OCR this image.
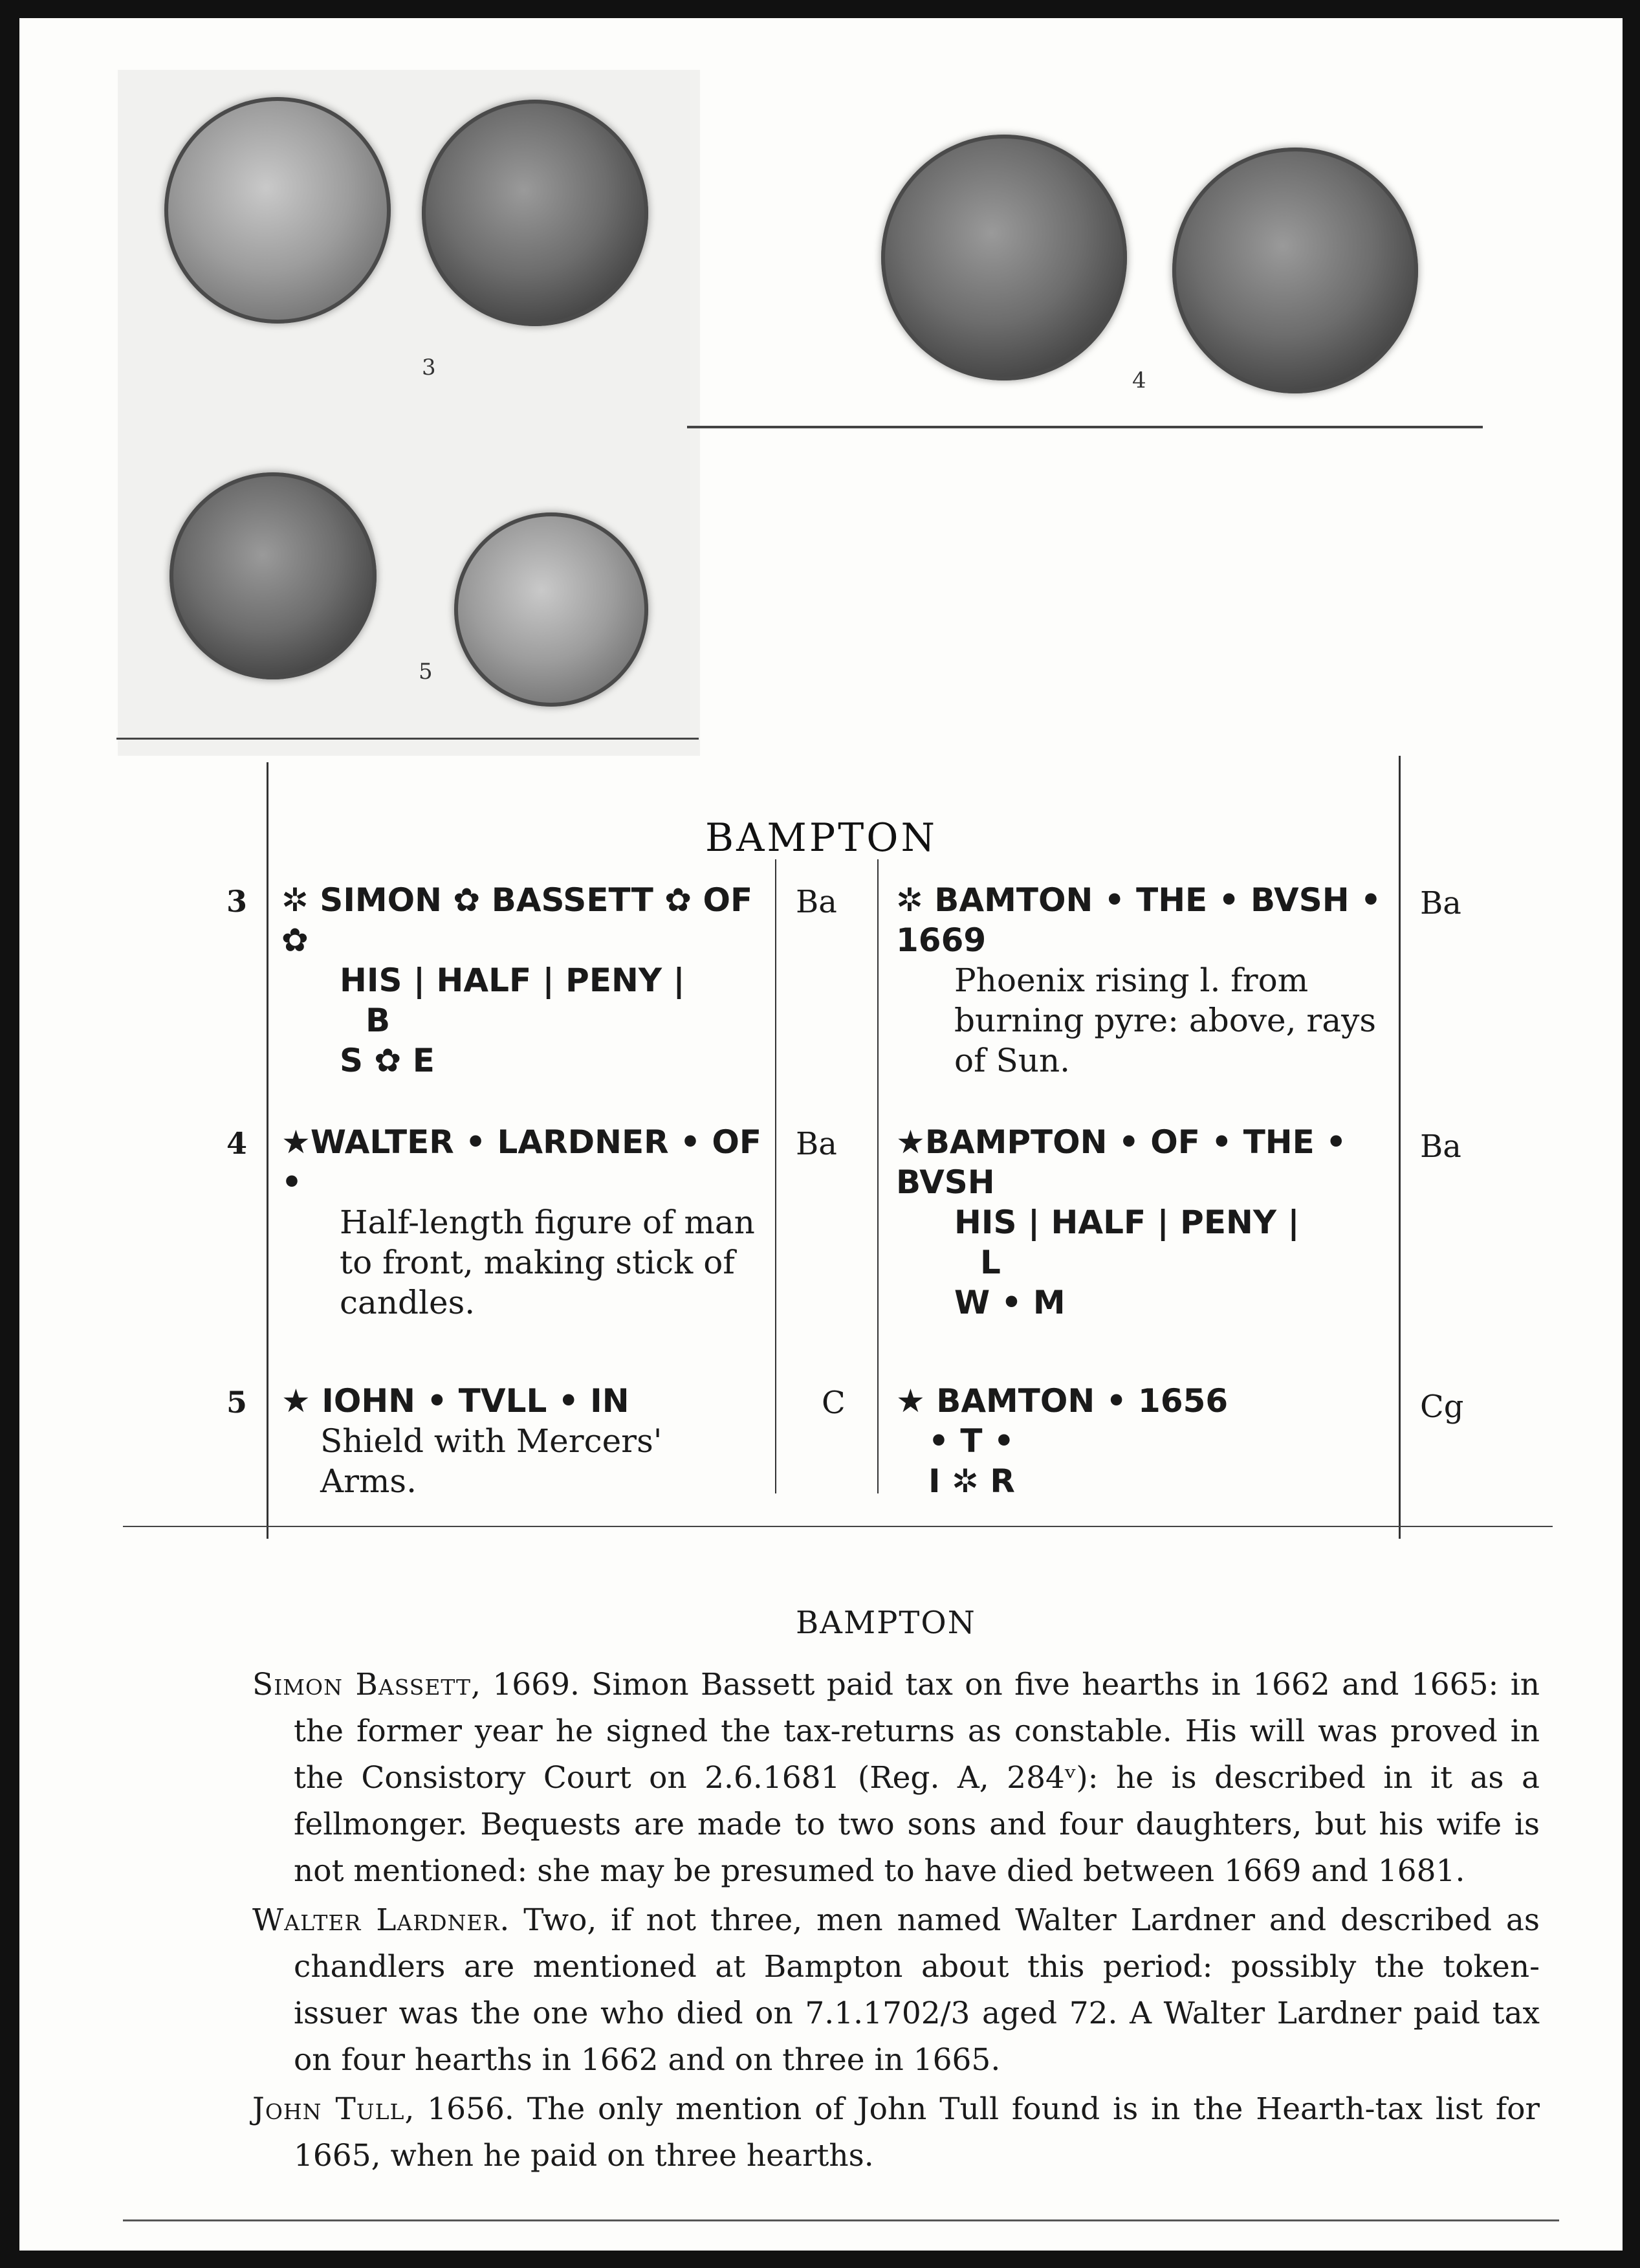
3	4
5
BAMPTON
3 ✲ SIMON ✿ BASSETT ✿ OF ✿
HIS | HALF | PENY |
B
S ✿ E
Ba ✲ BAMTON • THE • BVSH • 1669
Phoenix rising l. from burning pyre: above, rays of Sun.
Ba
4 ★WALTER • LARDNER • OF •
Half-length figure of man to front, making stick of candles.
Ba ★BAMPTON • OF • THE • BVSH
HIS | HALF | PENY |
L
W • M
Ba
5 ★ IOHN • TVLL • IN
Shield with Mercers' Arms.
C ★ BAMTON • 1656
• T •
I ✲ R
Cg
BAMPTON

Simon Bassett, 1669. Simon Bassett paid tax on five hearths in 1662 and 1665: in the former year he signed the tax-returns as constable. His will was proved in the Consistory Court on 2.6.1681 (Reg. A, 284ᵛ): he is described in it as a fellmonger. Bequests are made to two sons and four daughters, but his wife is not mentioned: she may be presumed to have died between 1669 and 1681.

Walter Lardner. Two, if not three, men named Walter Lardner and described as chandlers are mentioned at Bampton about this period: possibly the token-issuer was the one who died on 7.1.1702/3 aged 72. A Walter Lardner paid tax on four hearths in 1662 and on three in 1665.

John Tull, 1656. The only mention of John Tull found is in the Hearth-tax list for 1665, when he paid on three hearths.
